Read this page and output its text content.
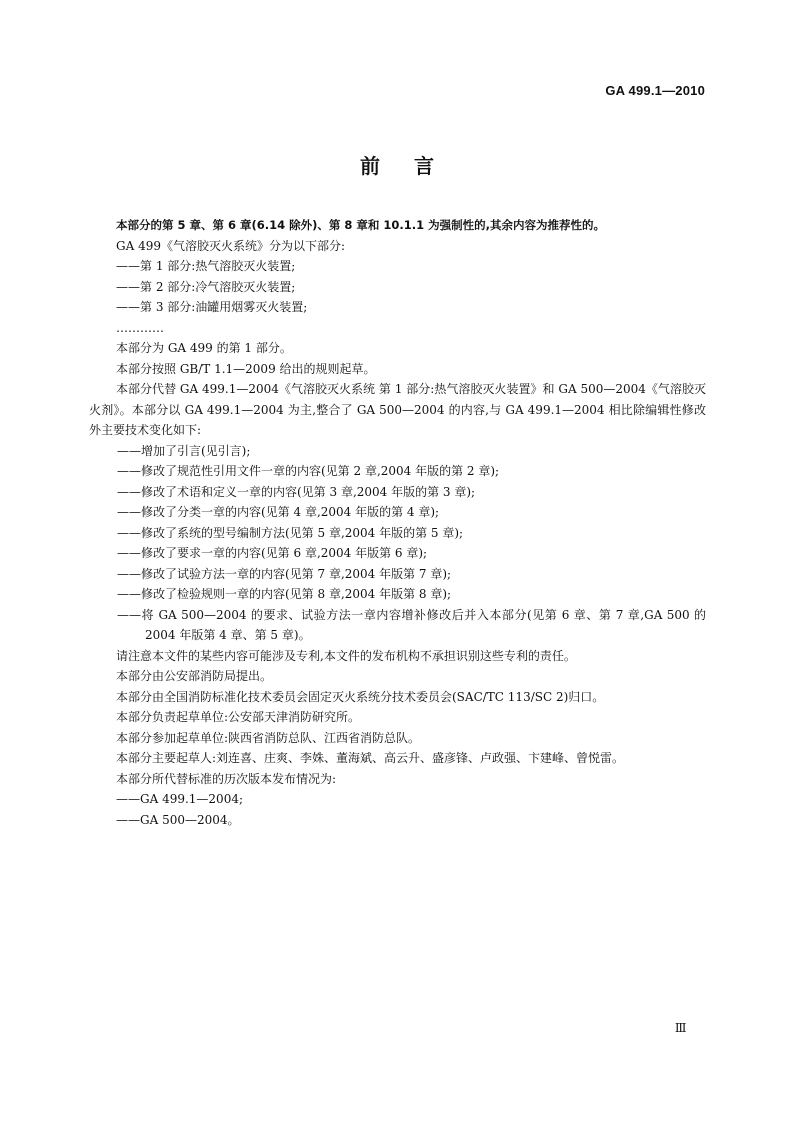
GA 499.1—2010
前言

本部分的第 5 章、第 6 章(6.14 除外)、第 8 章和 10.1.1 为强制性的,其余内容为推荐性的。

GA 499《气溶胶灭火系统》分为以下部分:

——第 1 部分:热气溶胶灭火装置;

——第 2 部分:冷气溶胶灭火装置;

——第 3 部分:油罐用烟雾灭火装置;

…………

本部分为 GA 499 的第 1 部分。

本部分按照 GB/T 1.1—2009 给出的规则起草。

本部分代替 GA 499.1—2004《气溶胶灭火系统 第 1 部分:热气溶胶灭火装置》和 GA 500—2004《气溶胶灭火剂》。本部分以 GA 499.1—2004 为主,整合了 GA 500—2004 的内容,与 GA 499.1—2004 相比除编辑性修改外主要技术变化如下:

——增加了引言(见引言);

——修改了规范性引用文件一章的内容(见第 2 章,2004 年版的第 2 章);

——修改了术语和定义一章的内容(见第 3 章,2004 年版的第 3 章);

——修改了分类一章的内容(见第 4 章,2004 年版的第 4 章);

——修改了系统的型号编制方法(见第 5 章,2004 年版的第 5 章);

——修改了要求一章的内容(见第 6 章,2004 年版第 6 章);

——修改了试验方法一章的内容(见第 7 章,2004 年版第 7 章);

——修改了检验规则一章的内容(见第 8 章,2004 年版第 8 章);

——将 GA 500—2004 的要求、试验方法一章内容增补修改后并入本部分(见第 6 章、第 7 章,GA 500 的 2004 年版第 4 章、第 5 章)。

请注意本文件的某些内容可能涉及专利,本文件的发布机构不承担识别这些专利的责任。

本部分由公安部消防局提出。

本部分由全国消防标准化技术委员会固定灭火系统分技术委员会(SAC/TC 113/SC 2)归口。

本部分负责起草单位:公安部天津消防研究所。

本部分参加起草单位:陕西省消防总队、江西省消防总队。

本部分主要起草人:刘连喜、庄爽、李姝、董海斌、高云升、盛彦锋、卢政强、卞建峰、曾悦雷。

本部分所代替标准的历次版本发布情况为:

——GA 499.1—2004;

——GA 500—2004。

Ⅲ
